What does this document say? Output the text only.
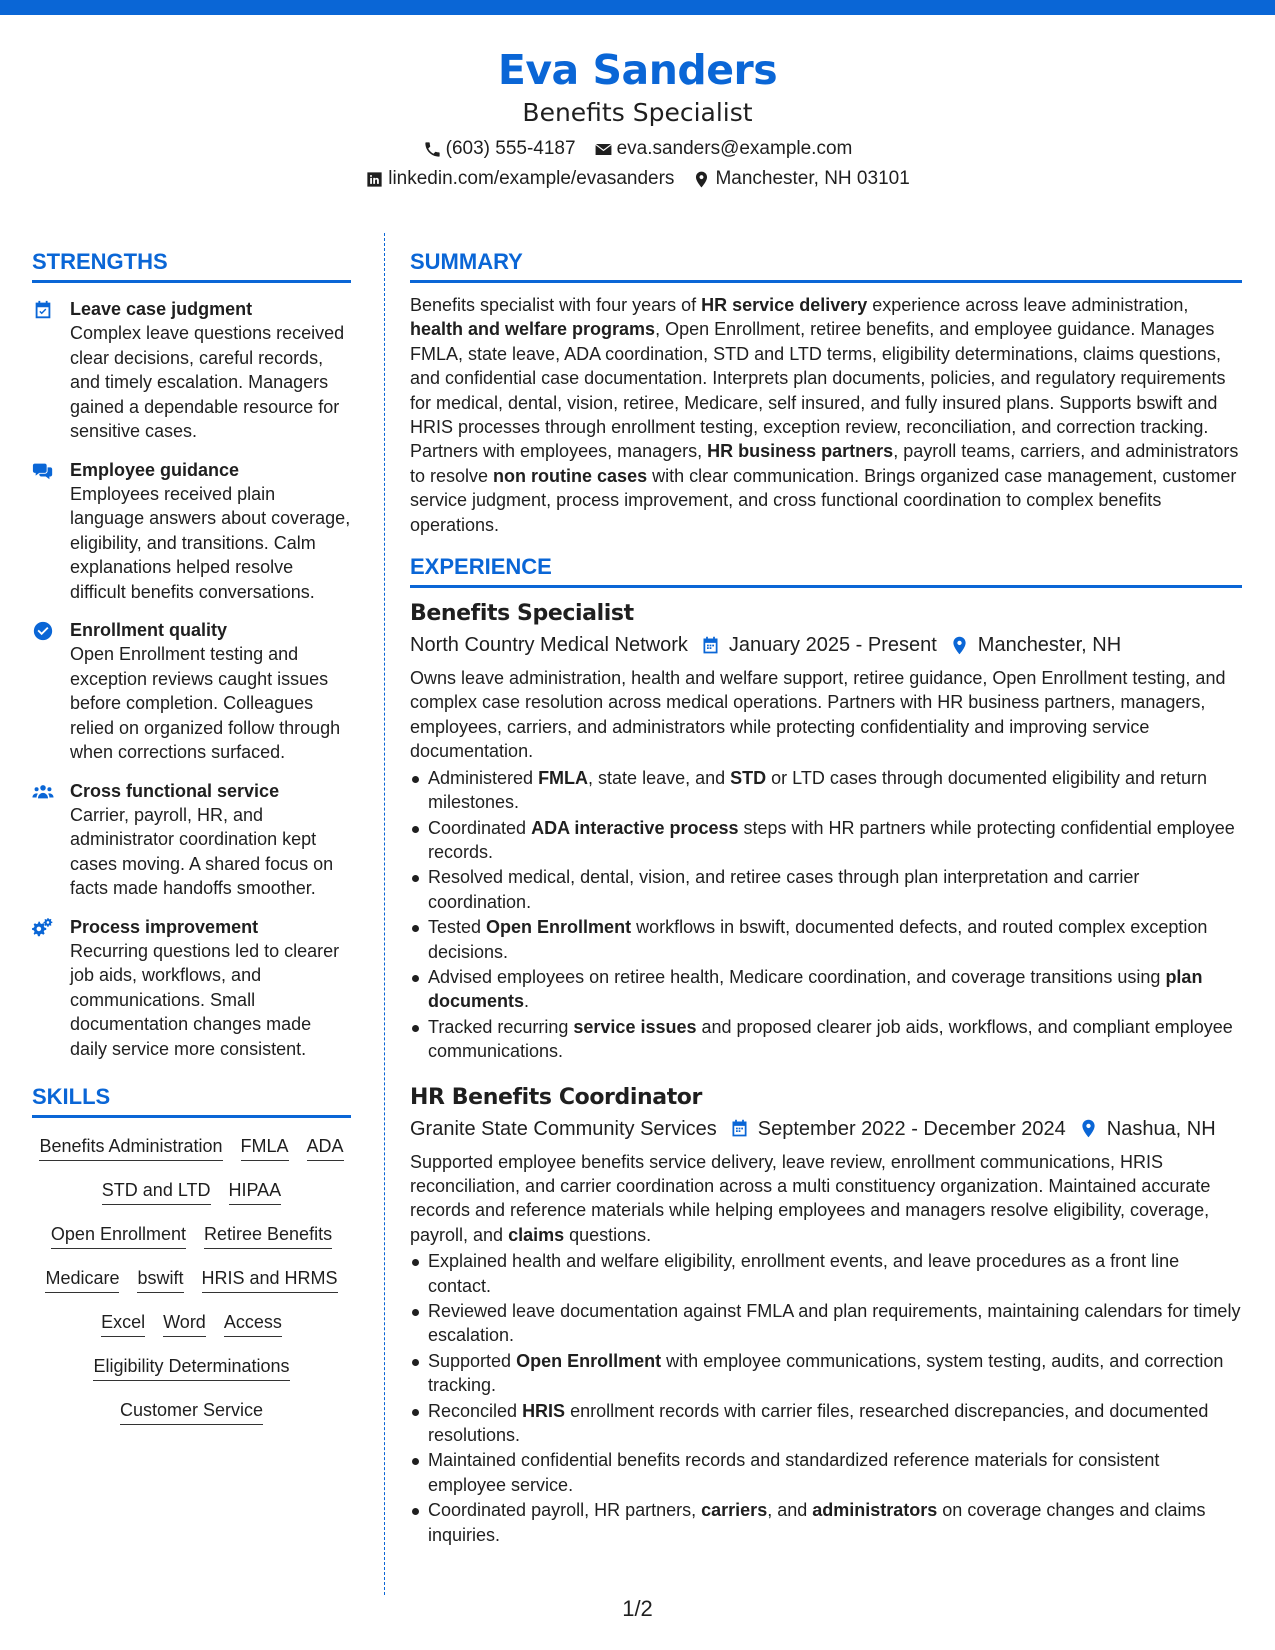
Eva Sanders
Benefits Specialist
(603) 555-4187 eva.sanders@example.com
linkedin.com/example/evasanders Manchester, NH 03101
STRENGTHS
Leave case judgment
Complex leave questions received clear decisions, careful records, and timely escalation. Managers gained a dependable resource for sensitive cases.
Employee guidance
Employees received plain language answers about coverage, eligibility, and transitions. Calm explanations helped resolve difficult benefits conversations.
Enrollment quality
Open Enrollment testing and exception reviews caught issues before completion. Colleagues relied on organized follow through when corrections surfaced.
Cross functional service
Carrier, payroll, HR, and administrator coordination kept cases moving. A shared focus on facts made handoffs smoother.
Process improvement
Recurring questions led to clearer job aids, workflows, and communications. Small documentation changes made daily service more consistent.
SKILLS
Benefits Administration FMLA ADA
STD and LTD HIPAA
Open Enrollment Retiree Benefits
Medicare bswift HRIS and HRMS
Excel Word Access
Eligibility Determinations
Customer Service
SUMMARY

Benefits specialist with four years of HR service delivery experience across leave administration, health and welfare programs, Open Enrollment, retiree benefits, and employee guidance. Manages FMLA, state leave, ADA coordination, STD and LTD terms, eligibility determinations, claims questions, and confidential case documentation. Interprets plan documents, policies, and regulatory requirements for medical, dental, vision, retiree, Medicare, self insured, and fully insured plans. Supports bswift and HRIS processes through enrollment testing, exception review, reconciliation, and correction tracking. Partners with employees, managers, HR business partners, payroll teams, carriers, and administrators to resolve non routine cases with clear communication. Brings organized case management, customer service judgment, process improvement, and cross functional coordination to complex benefits operations.

EXPERIENCE
Benefits Specialist
North Country Medical Network January 2025 - Present Manchester, NH

Owns leave administration, health and welfare support, retiree guidance, Open Enrollment testing, and complex case resolution across medical operations. Partners with HR business partners, managers, employees, carriers, and administrators while protecting confidentiality and improving service documentation.

Administered FMLA, state leave, and STD or LTD cases through documented eligibility and return milestones.
Coordinated ADA interactive process steps with HR partners while protecting confidential employee records.
Resolved medical, dental, vision, and retiree cases through plan interpretation and carrier coordination.
Tested Open Enrollment workflows in bswift, documented defects, and routed complex exception decisions.
Advised employees on retiree health, Medicare coordination, and coverage transitions using plan documents.
Tracked recurring service issues and proposed clearer job aids, workflows, and compliant employee communications.
HR Benefits Coordinator
Granite State Community Services September 2022 - December 2024 Nashua, NH

Supported employee benefits service delivery, leave review, enrollment communications, HRIS reconciliation, and carrier coordination across a multi constituency organization. Maintained accurate records and reference materials while helping employees and managers resolve eligibility, coverage, payroll, and claims questions.

Explained health and welfare eligibility, enrollment events, and leave procedures as a front line contact.
Reviewed leave documentation against FMLA and plan requirements, maintaining calendars for timely escalation.
Supported Open Enrollment with employee communications, system testing, audits, and correction tracking.
Reconciled HRIS enrollment records with carrier files, researched discrepancies, and documented resolutions.
Maintained confidential benefits records and standardized reference materials for consistent employee service.
Coordinated payroll, HR partners, carriers, and administrators on coverage changes and claims inquiries.
1/2
